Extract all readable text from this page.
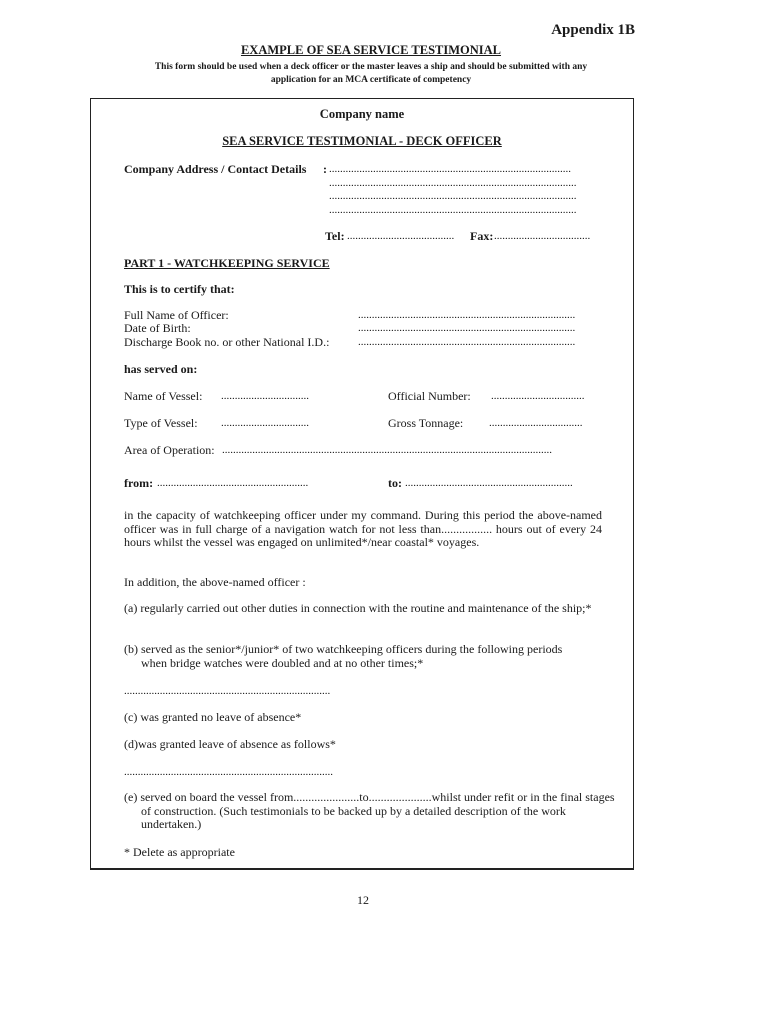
Appendix 1B
EXAMPLE OF SEA SERVICE TESTIMONIAL
This form should be used when a deck officer or the master leaves a ship and should be submitted with any application for an MCA certificate of competency
Company name
SEA SERVICE TESTIMONIAL - DECK OFFICER
Company Address / Contact Details : ........................................................................................
..........................................................................................
..........................................................................................
..........................................................................................
Tel: .......................................	Fax: ...................................
PART 1 - WATCHKEEPING SERVICE
This is to certify that:
Full Name of Officer:	...............................................................................
Date of Birth:	...............................................................................
Discharge Book no. or other National I.D.:	...............................................................................
has served on:
Name of Vessel: ................................	Official Number: ..................................
Type of Vessel: ................................	Gross Tonnage: ..................................
Area of Operation: ........................................................................................................................
from: .......................................................	to: .............................................................
in the capacity of watchkeeping officer under my command. During this period the above-named officer was in full charge of a navigation watch for not less than................. hours out of every 24 hours whilst the vessel was engaged on unlimited*/near coastal* voyages.
In addition, the above-named officer :
(a) regularly carried out other duties in connection with the routine and maintenance of the ship;*
(b) served as the senior*/junior* of two watchkeeping officers during the following periods when bridge watches were doubled and at no other times;*
...........................................................................
(c) was granted no leave of absence*
(d)was granted leave of absence as follows*
............................................................................
(e) served on board the vessel from......................to.....................whilst under refit or in the final stages of construction. (Such testimonials to be backed up by a detailed description of the work undertaken.)
* Delete as appropriate
12
